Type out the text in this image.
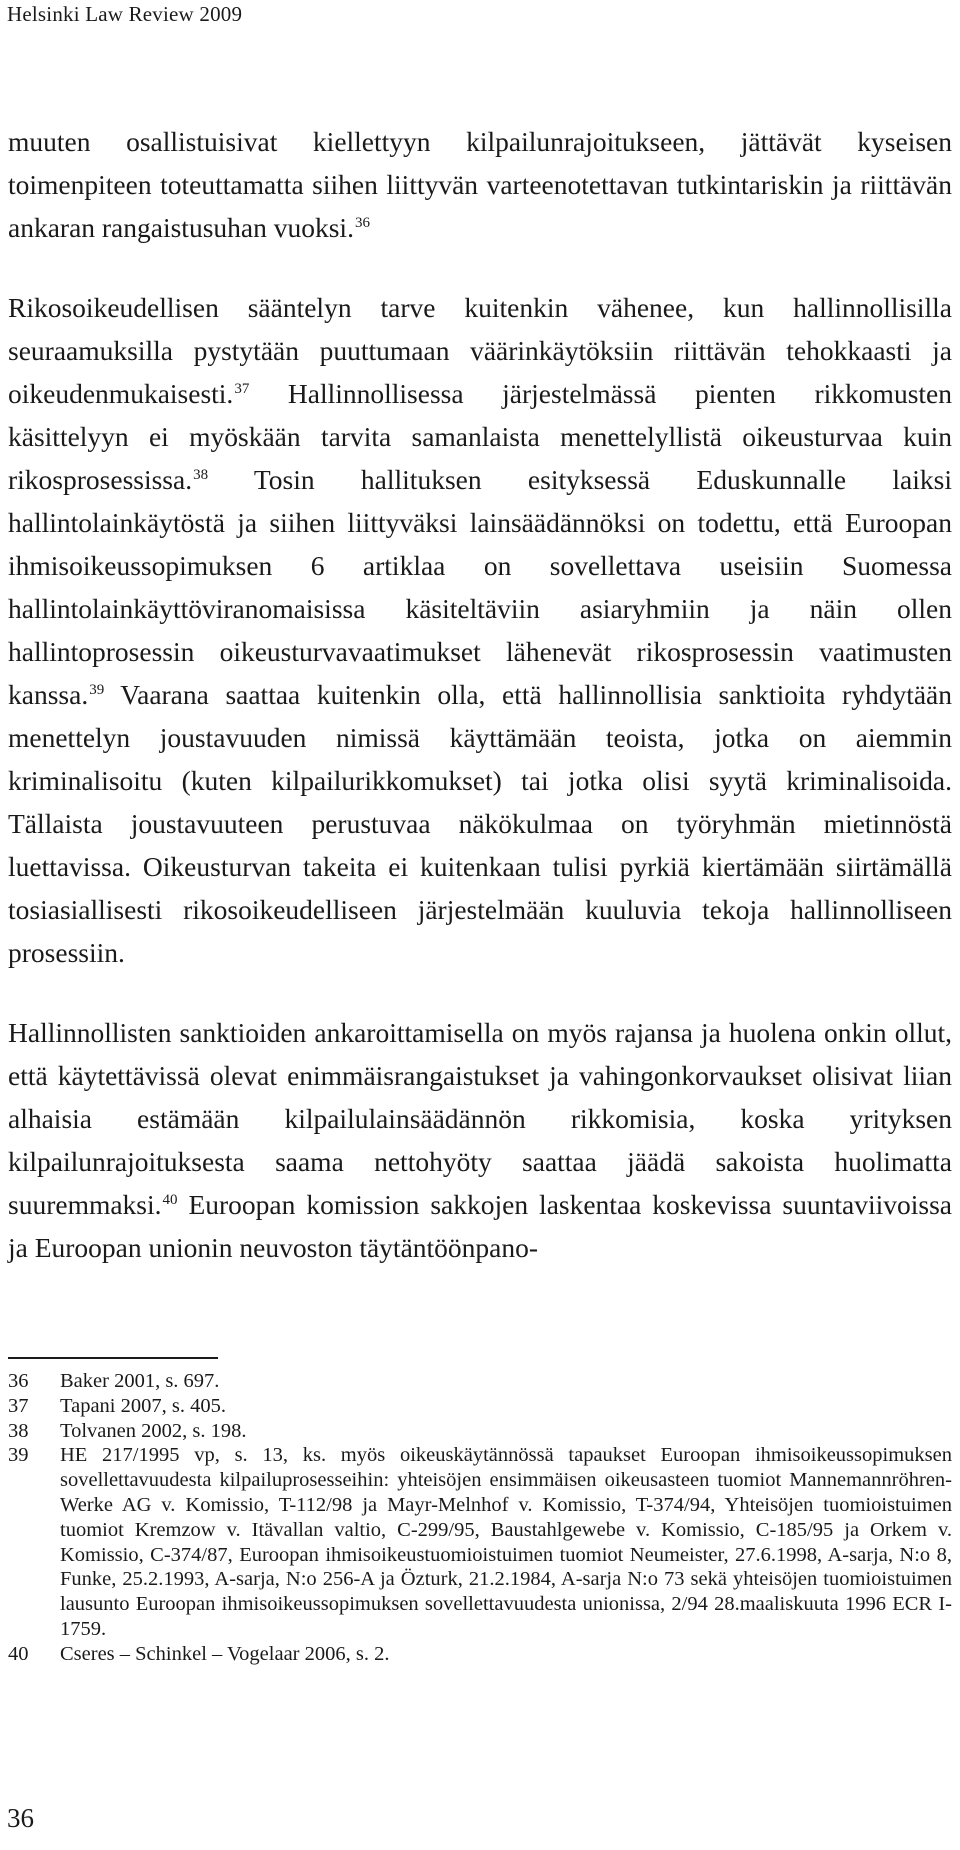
Helsinki Law Review 2009

muuten osallistuisivat kiellettyyn kilpailunrajoitukseen, jättävät kyseisen toimenpiteen toteuttamatta siihen liittyvän varteenotettavan tutkintariskin ja riittävän ankaran rangaistusuhan vuoksi.$^{36}$

Rikosoikeudellisen sääntelyn tarve kuitenkin vähenee, kun hallinnollisilla seuraamuksilla pystytään puuttumaan väärinkäytöksiin riittävän tehokkaasti ja oikeudenmukaisesti.$^{37}$ Hallinnollisessa järjestelmässä pienten rikkomusten käsittelyyn ei myöskään tarvita samanlaista menettelyllistä oikeusturvaa kuin rikosprosessissa.$^{38}$ Tosin hallituksen esityksessä Eduskunnalle laiksi hallintolainkäytöstä ja siihen liittyväksi lainsäädännöksi on todettu, että Euroopan ihmisoikeussopimuksen 6 artiklaa on sovellettava useisiin Suomessa hallintolainkäyttöviranomaisissa käsiteltäviin asiaryhmiin ja näin ollen hallintoprosessin oikeusturvavaatimukset lähenevät rikosprosessin vaatimusten kanssa.$^{39}$ Vaarana saattaa kuitenkin olla, että hallinnollisia sanktioita ryhdytään menettelyn joustavuuden nimissä käyttämään teoista, jotka on aiemmin kriminalisoitu (kuten kilpailurikkomukset) tai jotka olisi syytä kriminalisoida. Tällaista joustavuuteen perustuvaa näkökulmaa on työryhmän mietinnöstä luettavissa. Oikeusturvan takeita ei kuitenkaan tulisi pyrkiä kiertämään siirtämällä tosiasiallisesti rikosoikeudelliseen järjestelmään kuuluvia tekoja hallinnolliseen prosessiin.

Hallinnollisten sanktioiden ankaroittamisella on myös rajansa ja huolena onkin ollut, että käytettävissä olevat enimmäisrangaistukset ja vahingonkorvaukset olisivat liian alhaisia estämään kilpailulainsäädännön rikkomisia, koska yrityksen kilpailunrajoituksesta saama nettohyöty saattaa jäädä sakoista huolimatta suuremmaksi.$^{40}$ Euroopan komission sakkojen laskentaa koskevissa suuntaviivoissa ja Euroopan unionin neuvoston täytäntöönpano-

36	Baker 2001, s. 697.
37	Tapani 2007, s. 405.
38	Tolvanen 2002, s. 198.
39	HE 217/1995 vp, s. 13, ks. myös oikeuskäytännössä tapaukset Euroopan ihmisoikeussopimuksen sovellettavuudesta kilpailuprosesseihin: yhteisöjen ensimmäisen oikeusasteen tuomiot Mannemannröhren-Werke AG v. Komissio, T-112/98 ja Mayr-Melnhof v. Komissio, T-374/94, Yhteisöjen tuomioistuimen tuomiot Kremzow v. Itävallan valtio, C-299/95, Baustahlgewebe v. Komissio, C-185/95 ja Orkem v. Komissio, C-374/87, Euroopan ihmisoikeustuomioistuimen tuomiot Neumeister, 27.6.1998, A-sarja, N:o 8, Funke, 25.2.1993, A-sarja, N:o 256-A ja Özturk, 21.2.1984, A-sarja N:o 73 sekä yhteisöjen tuomioistuimen lausunto Euroopan ihmisoikeussopimuksen sovellettavuudesta unionissa, 2/94 28.maaliskuuta 1996 ECR I-1759.
40	Cseres – Schinkel – Vogelaar 2006, s. 2.
36
